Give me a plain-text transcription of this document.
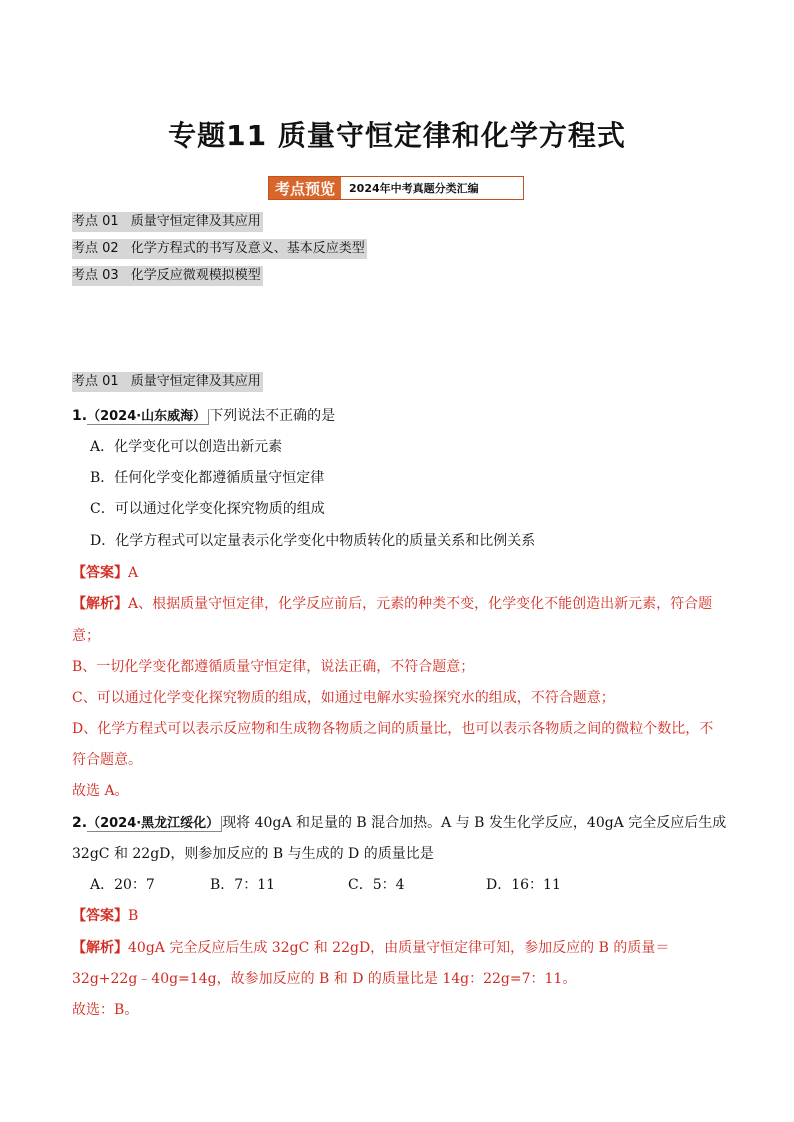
专题11 质量守恒定律和化学方程式
考点预览	2024年中考真题分类汇编
考点 01 质量守恒定律及其应用
考点 02 化学方程式的书写及意义、基本反应类型
考点 03 化学反应微观模拟模型
考点 01 质量守恒定律及其应用
1.（2024·山东威海） 下列说法不正确的是
A．化学变化可以创造出新元素
B．任何化学变化都遵循质量守恒定律
C．可以通过化学变化探究物质的组成
D．化学方程式可以定量表示化学变化中物质转化的质量关系和比例关系
【答案】A
【解析】A、根据质量守恒定律，化学反应前后，元素的种类不变，化学变化不能创造出新元素，符合题
意；
B、一切化学变化都遵循质量守恒定律，说法正确，不符合题意；
C、可以通过化学变化探究物质的组成，如通过电解水实验探究水的组成，不符合题意；
D、化学方程式可以表示反应物和生成物各物质之间的质量比，也可以表示各物质之间的微粒个数比，不
符合题意。
故选 A。
2.（2024·黑龙江绥化） 现将 40gA 和足量的 B 混合加热。A 与 B 发生化学反应，40gA 完全反应后生成
32gC 和 22gD，则参加反应的 B 与生成的 D 的质量比是
A．20：7	B．7：11	C．5：4	D．16：11
【答案】B
【解析】40gA 完全反应后生成 32gC 和 22gD，由质量守恒定律可知，参加反应的 B 的质量＝
32g+22g﹣40g=14g，故参加反应的 B 和 D 的质量比是 14g：22g=7：11。
故选：B。
